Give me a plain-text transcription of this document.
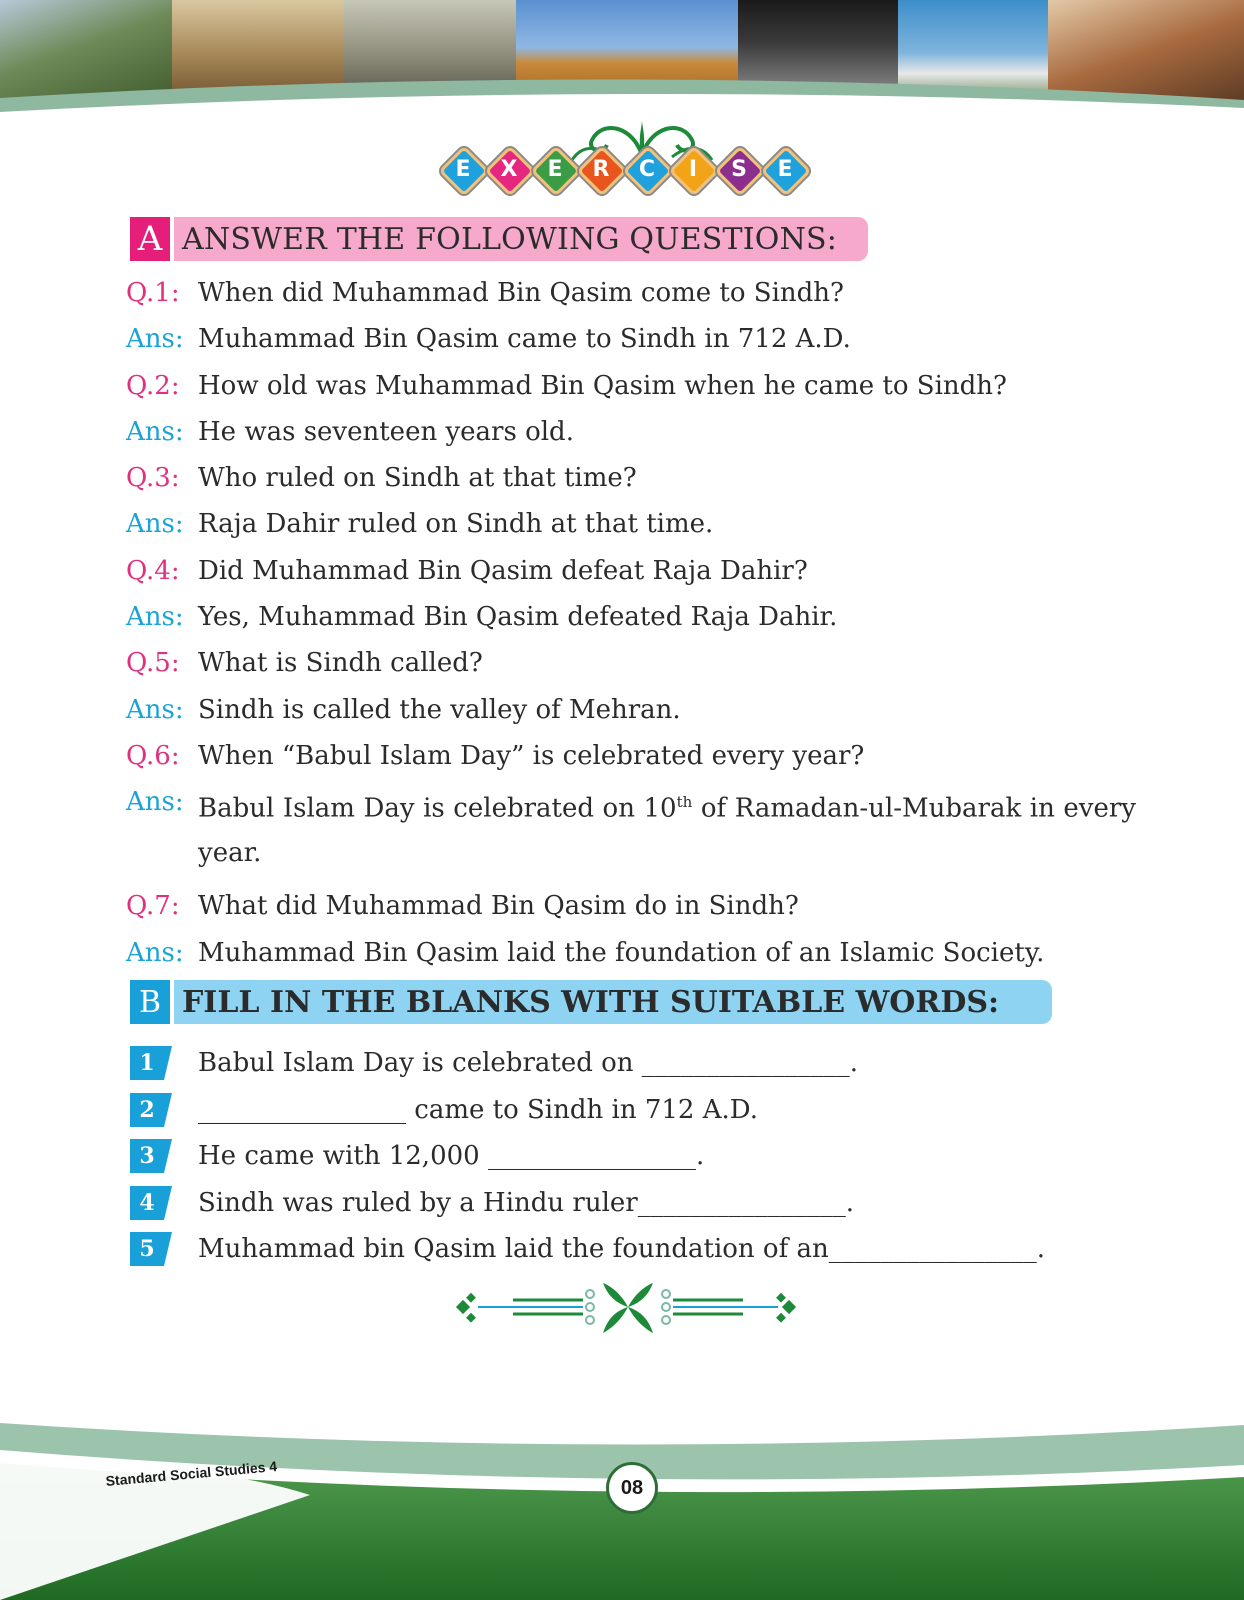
E	X	E	R	C	I	S	E
A ANSWER THE FOLLOWING QUESTIONS:
Q.1: When did Muhammad Bin Qasim come to Sindh?
Ans: Muhammad Bin Qasim came to Sindh in 712 A.D.
Q.2: How old was Muhammad Bin Qasim when he came to Sindh?
Ans: He was seventeen years old.
Q.3: Who ruled on Sindh at that time?
Ans: Raja Dahir ruled on Sindh at that time.
Q.4: Did Muhammad Bin Qasim defeat Raja Dahir?
Ans: Yes, Muhammad Bin Qasim defeated Raja Dahir.
Q.5: What is Sindh called?
Ans: Sindh is called the valley of Mehran.
Q.6: When “Babul Islam Day” is celebrated every year?
Ans: Babul Islam Day is celebrated on 10th of Ramadan-ul-Mubarak in every year.
Q.7: What did Muhammad Bin Qasim do in Sindh?
Ans: Muhammad Bin Qasim laid the foundation of an Islamic Society.
B FILL IN THE BLANKS WITH SUITABLE WORDS:
1	Babul Islam Day is celebrated on ________________.
2	________________ came to Sindh in 712 A.D.
3	He came with 12,000 ________________.
4	Sindh was ruled by a Hindu ruler________________.
5	Muhammad bin Qasim laid the foundation of an________________.
Standard Social Studies 4	08
